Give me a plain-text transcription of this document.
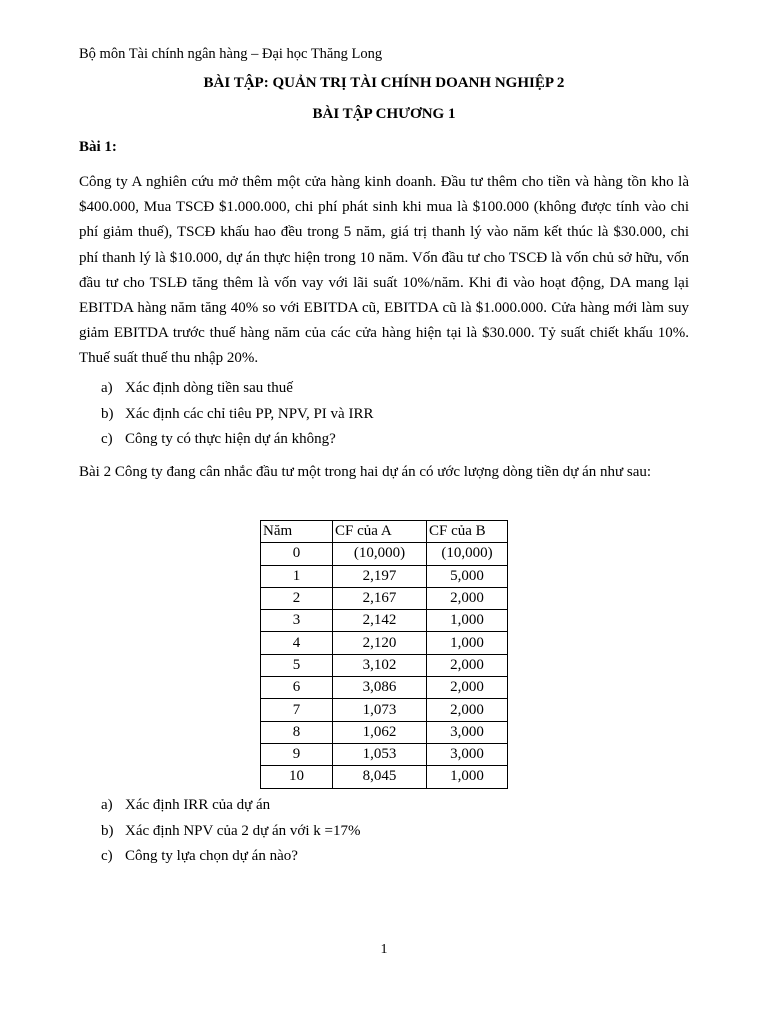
Bộ môn Tài chính ngân hàng – Đại học Thăng Long
BÀI TẬP: QUẢN TRỊ TÀI CHÍNH DOANH NGHIỆP 2
BÀI TẬP CHƯƠNG 1
Bài 1:

Công ty A nghiên cứu mở thêm một cửa hàng kinh doanh. Đầu tư thêm cho tiền và hàng tồn kho là $400.000, Mua TSCĐ $1.000.000, chi phí phát sinh khi mua là $100.000 (không được tính vào chi phí giảm thuế), TSCĐ khấu hao đều trong 5 năm, giá trị thanh lý vào năm kết thúc là $30.000, chi phí thanh lý là $10.000, dự án thực hiện trong 10 năm. Vốn đầu tư cho TSCĐ là vốn chủ sở hữu, vốn đầu tư cho TSLĐ tăng thêm là vốn vay với lãi suất 10%/năm. Khi đi vào hoạt động, DA mang lại EBITDA hàng năm tăng 40% so với EBITDA cũ, EBITDA cũ là $1.000.000. Cửa hàng mới làm suy giảm EBITDA trước thuế hàng năm của các cửa hàng hiện tại là $30.000. Tỷ suất chiết khấu 10%. Thuế suất thuế thu nhập 20%.

a) Xác định dòng tiền sau thuế
b) Xác định các chỉ tiêu PP, NPV, PI và IRR
c) Công ty có thực hiện dự án không?

Bài 2 Công ty đang cân nhắc đầu tư một trong hai dự án có ước lượng dòng tiền dự án như sau:

Năm	CF của A	CF của B
0	(10,000)	(10,000)
1	2,197	5,000
2	2,167	2,000
3	2,142	1,000
4	2,120	1,000
5	3,102	2,000
6	3,086	2,000
7	1,073	2,000
8	1,062	3,000
9	1,053	3,000
10	8,045	1,000
a) Xác định IRR của dự án
b) Xác định NPV của 2 dự án với k =17%
c) Công ty lựa chọn dự án nào?
1
